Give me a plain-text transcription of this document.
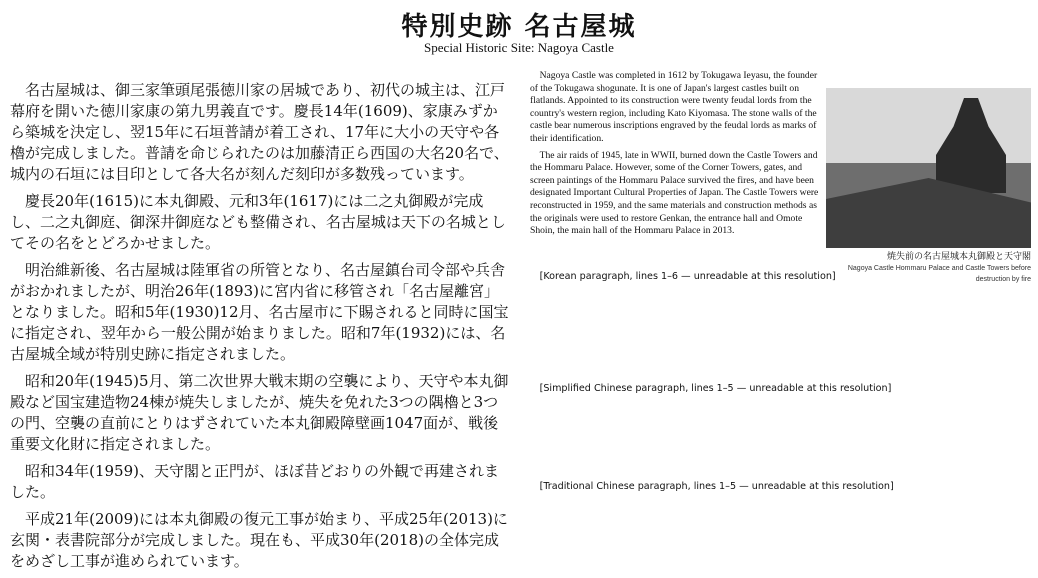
特別史跡 名古屋城
Special Historic Site: Nagoya Castle

名古屋城は、御三家筆頭尾張徳川家の居城であり、初代の城主は、江戸幕府を開いた徳川家康の第九男義直です。慶長14年(1609)、家康みずから築城を決定し、翌15年に石垣普請が着工され、17年に大小の天守や各櫓が完成しました。普請を命じられたのは加藤清正ら西国の大名20名で、城内の石垣には目印として各大名が刻んだ刻印が多数残っています。

慶長20年(1615)に本丸御殿、元和3年(1617)には二之丸御殿が完成し、二之丸御庭、御深井御庭なども整備され、名古屋城は天下の名城としてその名をとどろかせました。

明治維新後、名古屋城は陸軍省の所管となり、名古屋鎮台司令部や兵舎がおかれましたが、明治26年(1893)に宮内省に移管され「名古屋離宮」となりました。昭和5年(1930)12月、名古屋市に下賜されると同時に国宝に指定され、翌年から一般公開が始まりました。昭和7年(1932)には、名古屋城全域が特別史跡に指定されました。

昭和20年(1945)5月、第二次世界大戦末期の空襲により、天守や本丸御殿など国宝建造物24棟が焼失しましたが、焼失を免れた3つの隅櫓と3つの門、空襲の直前にとりはずされていた本丸御殿障壁画1047面が、戦後重要文化財に指定されました。

昭和34年(1959)、天守閣と正門が、ほぼ昔どおりの外観で再建されました。

平成21年(2009)には本丸御殿の復元工事が始まり、平成25年(2013)に玄関・表書院部分が完成しました。現在も、平成30年(2018)の全体完成をめざし工事が進められています。

Nagoya Castle was completed in 1612 by Tokugawa Ieyasu, the founder of the Tokugawa shogunate. It is one of Japan's largest castles built on flatlands. Appointed to its construction were twenty feudal lords from the country's western region, including Kato Kiyomasa. The stone walls of the castle bear numerous inscriptions engraved by the feudal lords as marks of their identification.

The air raids of 1945, late in WWII, burned down the Castle Towers and the Hommaru Palace. However, some of the Corner Towers, gates, and screen paintings of the Hommaru Palace survived the fires, and have been designated Important Cultural Properties of Japan. The Castle Towers were reconstructed in 1959, and the same materials and construction methods as the originals were used to restore Genkan, the entrance hall and Omote Shoin, the main hall of the Hommaru Palace in 2013.

焼失前の名古屋城本丸御殿と天守閣
Nagoya Castle Hommaru Palace and Castle Towers before destruction by fire

[Korean paragraph, lines 1–6 — unreadable at this resolution]

[Simplified Chinese paragraph, lines 1–5 — unreadable at this resolution]

[Traditional Chinese paragraph, lines 1–5 — unreadable at this resolution]
